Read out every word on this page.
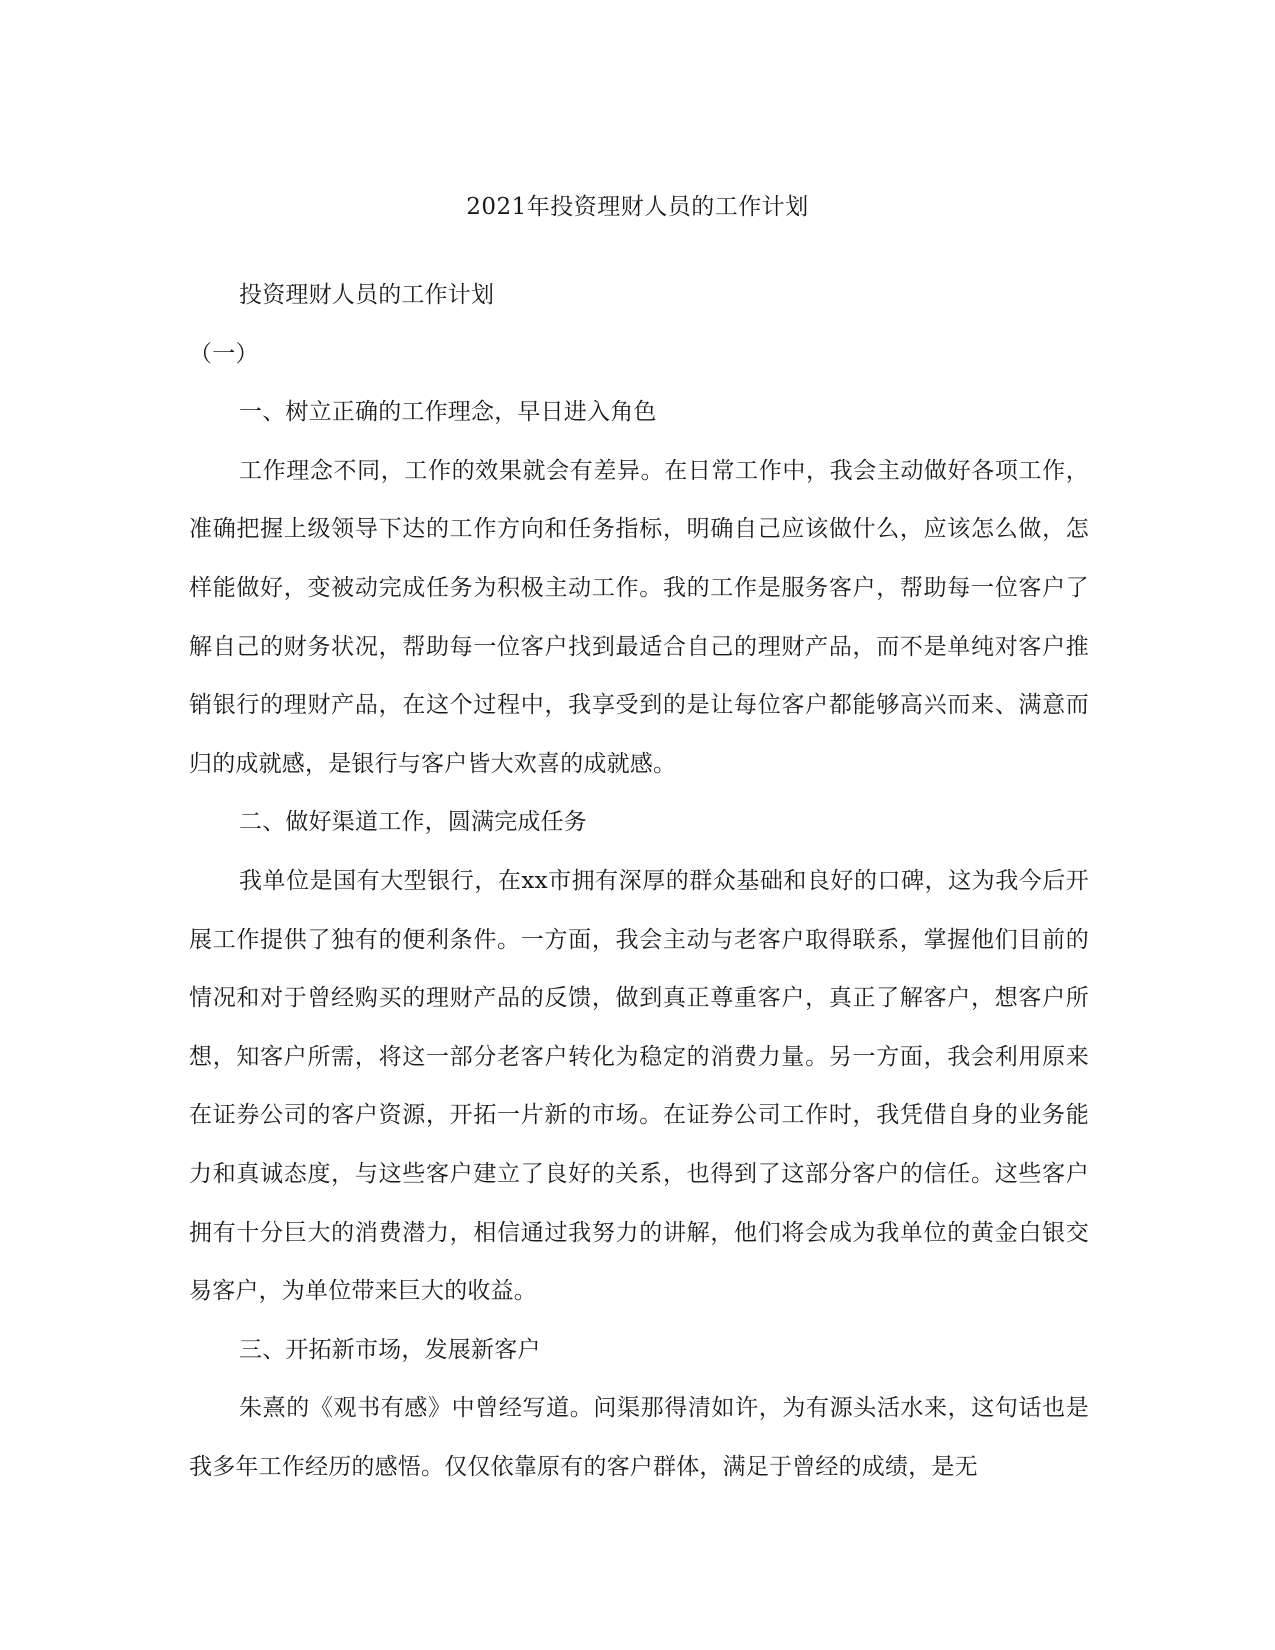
2021年投资理财人员的工作计划

投资理财人员的工作计划

（一）

一、树立正确的工作理念，早日进入角色

工作理念不同，工作的效果就会有差异。在日常工作中，我会主动做好各项工作，准确把握上级领导下达的工作方向和任务指标，明确自己应该做什么，应该怎么做，怎样能做好，变被动完成任务为积极主动工作。我的工作是服务客户，帮助每一位客户了解自己的财务状况，帮助每一位客户找到最适合自己的理财产品，而不是单纯对客户推销银行的理财产品，在这个过程中，我享受到的是让每位客户都能够高兴而来、满意而归的成就感，是银行与客户皆大欢喜的成就感。

二、做好渠道工作，圆满完成任务

我单位是国有大型银行，在xx市拥有深厚的群众基础和良好的口碑，这为我今后开展工作提供了独有的便利条件。一方面，我会主动与老客户取得联系，掌握他们目前的情况和对于曾经购买的理财产品的反馈，做到真正尊重客户，真正了解客户，想客户所想，知客户所需，将这一部分老客户转化为稳定的消费力量。另一方面，我会利用原来在证券公司的客户资源，开拓一片新的市场。在证券公司工作时，我凭借自身的业务能力和真诚态度，与这些客户建立了良好的关系，也得到了这部分客户的信任。这些客户拥有十分巨大的消费潜力，相信通过我努力的讲解，他们将会成为我单位的黄金白银交易客户，为单位带来巨大的收益。

三、开拓新市场，发展新客户

朱熹的《观书有感》中曾经写道。问渠那得清如许，为有源头活水来，这句话也是我多年工作经历的感悟。仅仅依靠原有的客户群体，满足于曾经的成绩，是无
